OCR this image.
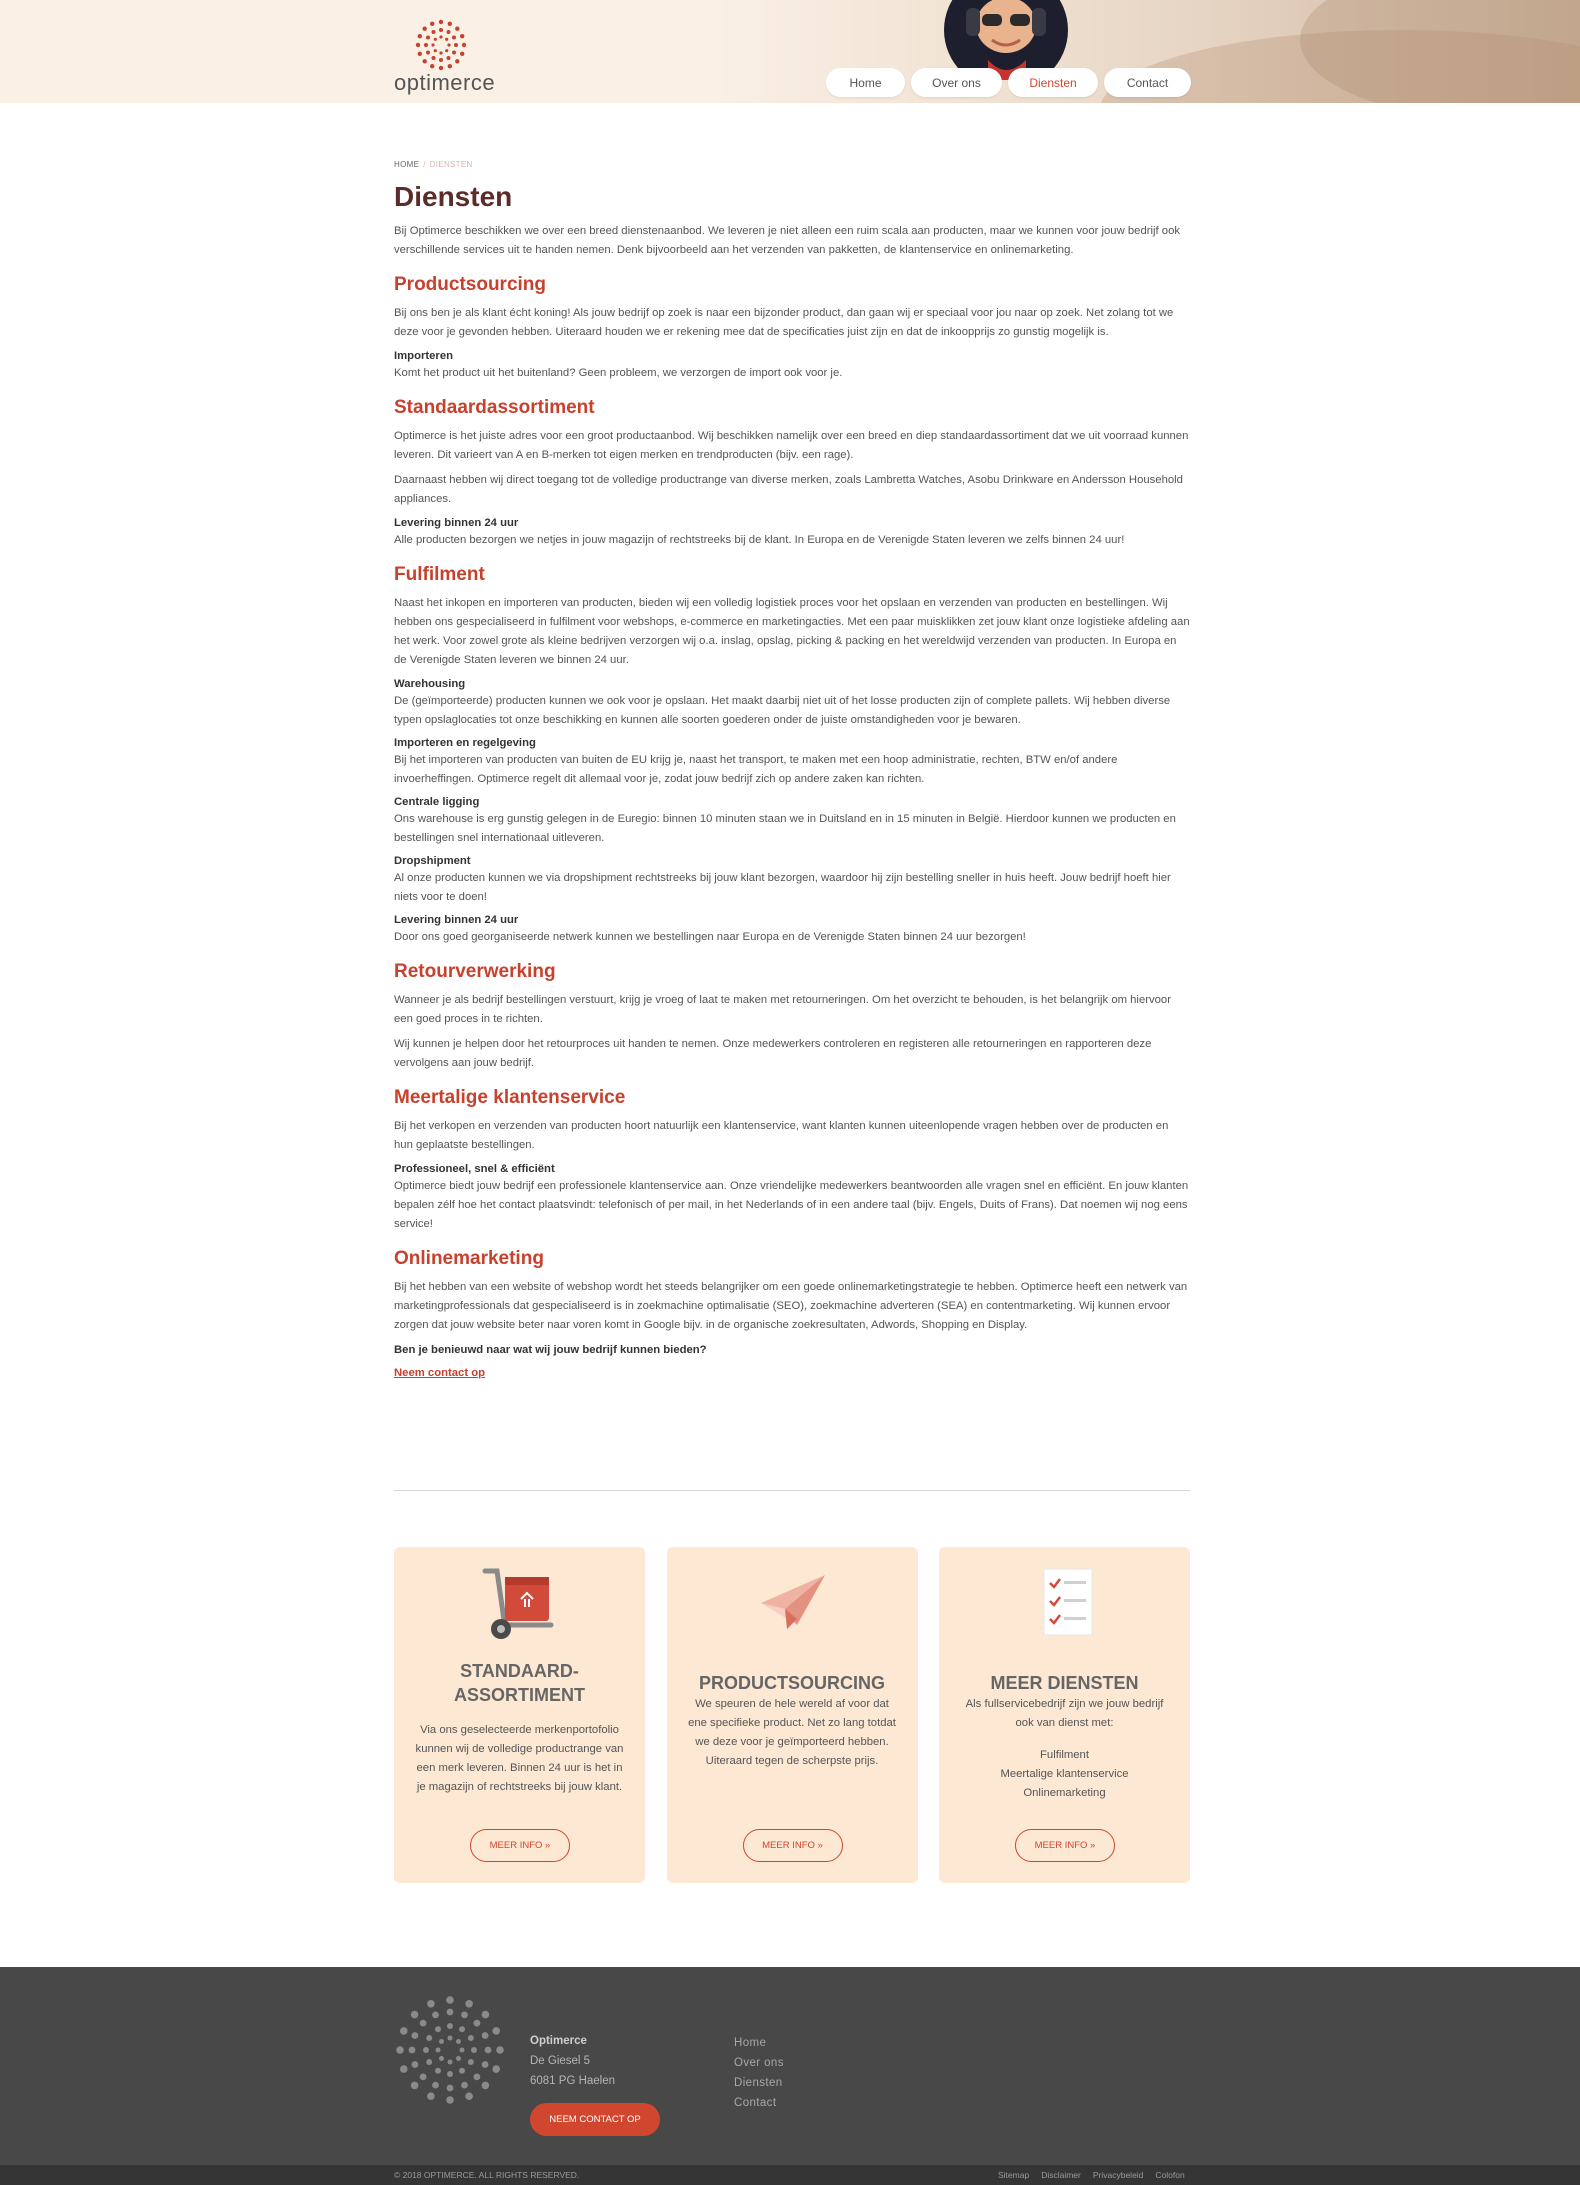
optimerce	Home	Over ons	Diensten	Contact
HOME / DIENSTEN
Diensten

Bij Optimerce beschikken we over een breed dienstenaanbod. We leveren je niet alleen een ruim scala aan producten, maar we kunnen voor jouw bedrijf ook verschillende services uit te handen nemen. Denk bijvoorbeeld aan het verzenden van pakketten, de klantenservice en onlinemarketing.

Productsourcing

Bij ons ben je als klant écht koning! Als jouw bedrijf op zoek is naar een bijzonder product, dan gaan wij er speciaal voor jou naar op zoek. Net zolang tot we deze voor je gevonden hebben. Uiteraard houden we er rekening mee dat de specificaties juist zijn en dat de inkoopprijs zo gunstig mogelijk is.

Importeren
Komt het product uit het buitenland? Geen probleem, we verzorgen de import ook voor je.
Standaardassortiment

Optimerce is het juiste adres voor een groot productaanbod. Wij beschikken namelijk over een breed en diep standaardassortiment dat we uit voorraad kunnen leveren. Dit varieert van A en B-merken tot eigen merken en trendproducten (bijv. een rage).

Daarnaast hebben wij direct toegang tot de volledige productrange van diverse merken, zoals Lambretta Watches, Asobu Drinkware en Andersson Household appliances.

Levering binnen 24 uur
Alle producten bezorgen we netjes in jouw magazijn of rechtstreeks bij de klant. In Europa en de Verenigde Staten leveren we zelfs binnen 24 uur!
Fulfilment

Naast het inkopen en importeren van producten, bieden wij een volledig logistiek proces voor het opslaan en verzenden van producten en bestellingen. Wij hebben ons gespecialiseerd in fulfilment voor webshops, e-commerce en marketingacties. Met een paar muisklikken zet jouw klant onze logistieke afdeling aan het werk. Voor zowel grote als kleine bedrijven verzorgen wij o.a. inslag, opslag, picking & packing en het wereldwijd verzenden van producten. In Europa en de Verenigde Staten leveren we binnen 24 uur.

Warehousing
De (geïmporteerde) producten kunnen we ook voor je opslaan. Het maakt daarbij niet uit of het losse producten zijn of complete pallets. Wij hebben diverse typen opslaglocaties tot onze beschikking en kunnen alle soorten goederen onder de juiste omstandigheden voor je bewaren.
Importeren en regelgeving
Bij het importeren van producten van buiten de EU krijg je, naast het transport, te maken met een hoop administratie, rechten, BTW en/of andere invoerheffingen. Optimerce regelt dit allemaal voor je, zodat jouw bedrijf zich op andere zaken kan richten.
Centrale ligging
Ons warehouse is erg gunstig gelegen in de Euregio: binnen 10 minuten staan we in Duitsland en in 15 minuten in België. Hierdoor kunnen we producten en bestellingen snel internationaal uitleveren.
Dropshipment
Al onze producten kunnen we via dropshipment rechtstreeks bij jouw klant bezorgen, waardoor hij zijn bestelling sneller in huis heeft. Jouw bedrijf hoeft hier niets voor te doen!
Levering binnen 24 uur
Door ons goed georganiseerde netwerk kunnen we bestellingen naar Europa en de Verenigde Staten binnen 24 uur bezorgen!
Retourverwerking

Wanneer je als bedrijf bestellingen verstuurt, krijg je vroeg of laat te maken met retourneringen. Om het overzicht te behouden, is het belangrijk om hiervoor een goed proces in te richten.

Wij kunnen je helpen door het retourproces uit handen te nemen. Onze medewerkers controleren en registeren alle retourneringen en rapporteren deze vervolgens aan jouw bedrijf.

Meertalige klantenservice

Bij het verkopen en verzenden van producten hoort natuurlijk een klantenservice, want klanten kunnen uiteenlopende vragen hebben over de producten en hun geplaatste bestellingen.

Professioneel, snel & efficiënt
Optimerce biedt jouw bedrijf een professionele klantenservice aan. Onze vriendelijke medewerkers beantwoorden alle vragen snel en efficiënt. En jouw klanten bepalen zélf hoe het contact plaatsvindt: telefonisch of per mail, in het Nederlands of in een andere taal (bijv. Engels, Duits of Frans). Dat noemen wij nog eens service!
Onlinemarketing

Bij het hebben van een website of webshop wordt het steeds belangrijker om een goede onlinemarketingstrategie te hebben. Optimerce heeft een netwerk van marketingprofessionals dat gespecialiseerd is in zoekmachine optimalisatie (SEO), zoekmachine adverteren (SEA) en contentmarketing. Wij kunnen ervoor zorgen dat jouw website beter naar voren komt in Google bijv. in de organische zoekresultaten, Adwords, Shopping en Display.

Ben je benieuwd naar wat wij jouw bedrijf kunnen bieden?
Neem contact op
STANDAARD-
ASSORTIMENT
Via ons geselecteerde merkenportofolio kunnen wij de volledige productrange van een merk leveren. Binnen 24 uur is het in je magazijn of rechtstreeks bij jouw klant.
MEER INFO »
PRODUCTSOURCING
We speuren de hele wereld af voor dat ene specifieke product. Net zo lang totdat we deze voor je geïmporteerd hebben. Uiteraard tegen de scherpste prijs.
MEER INFO »
MEER DIENSTEN
Als fullservicebedrijf zijn we jouw bedrijf ook van dienst met:
Fulfilment
Meertalige klantenservice
Onlinemarketing
MEER INFO »
Optimerce
De Giesel 5
6081 PG Haelen
NEEM CONTACT OP
Home
Over ons
Diensten
Contact
© 2018 OPTIMERCE. ALL RIGHTS RESERVED.	Sitemap Disclaimer Privacybeleid Colofon
